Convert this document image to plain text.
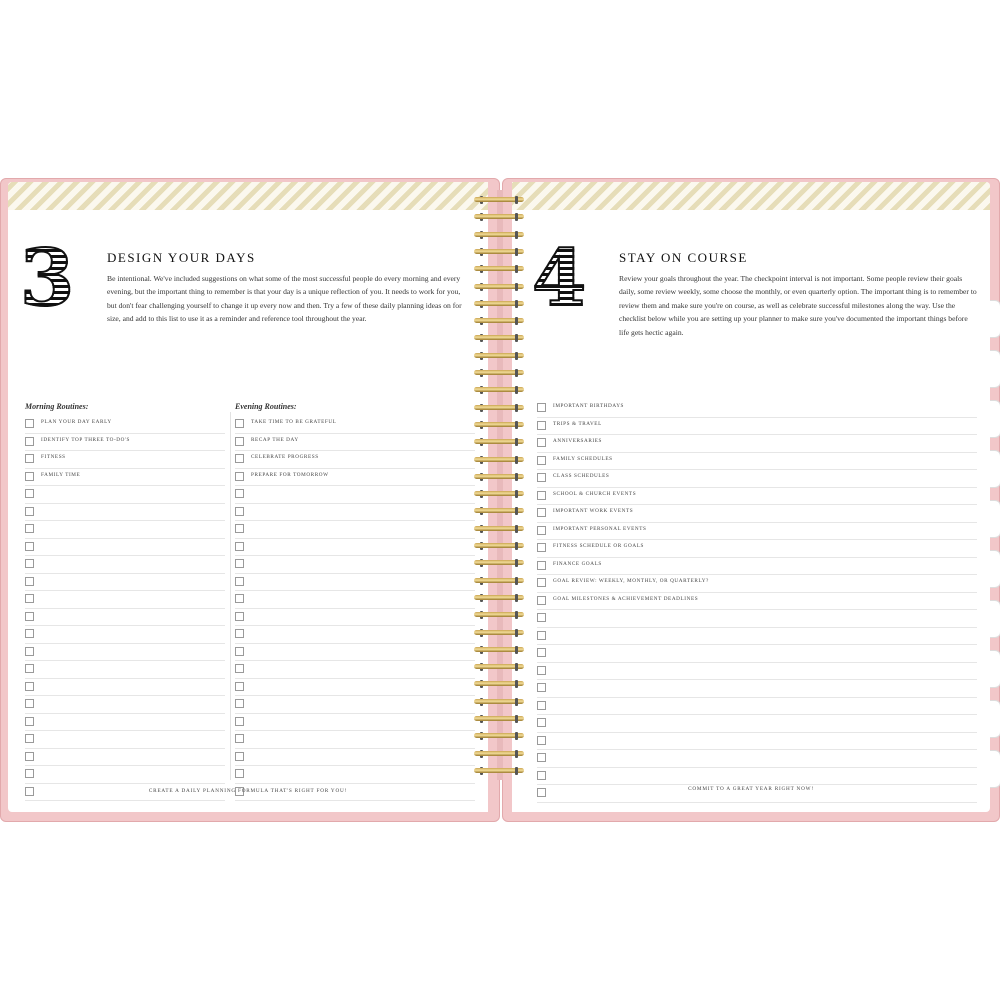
3	DESIGN YOUR DAYS
Be intentional. We've included suggestions on what some of the most successful people do every morning and every evening, but the important thing to remember is that your day is a unique reflection of you. It needs to work for you, but don't fear challenging yourself to change it up every now and then. Try a few of these daily planning ideas on for size, and add to this list to use it as a reminder and reference tool throughout the year.
Morning Routines:	Evening Routines:
PLAN YOUR DAY EARLY
IDENTIFY TOP THREE TO-DO'S
FITNESS
FAMILY TIME
TAKE TIME TO BE GRATEFUL
RECAP THE DAY
CELEBRATE PROGRESS
PREPARE FOR TOMORROW
CREATE A DAILY PLANNING FORMULA THAT'S RIGHT FOR YOU!
4	STAY ON COURSE
Review your goals throughout the year. The checkpoint interval is not important. Some people review their goals daily, some review weekly, some choose the monthly, or even quarterly option. The important thing is to remember to review them and make sure you're on course, as well as celebrate successful milestones along the way. Use the checklist below while you are setting up your planner to make sure you've documented the important things before life gets hectic again.
IMPORTANT BIRTHDAYS
TRIPS & TRAVEL
ANNIVERSARIES
FAMILY SCHEDULES
CLASS SCHEDULES
SCHOOL & CHURCH EVENTS
IMPORTANT WORK EVENTS
IMPORTANT PERSONAL EVENTS
FITNESS SCHEDULE OR GOALS
FINANCE GOALS
GOAL REVIEW: WEEKLY, MONTHLY, OR QUARTERLY?
GOAL MILESTONES & ACHIEVEMENT DEADLINES
COMMIT TO A GREAT YEAR RIGHT NOW!
